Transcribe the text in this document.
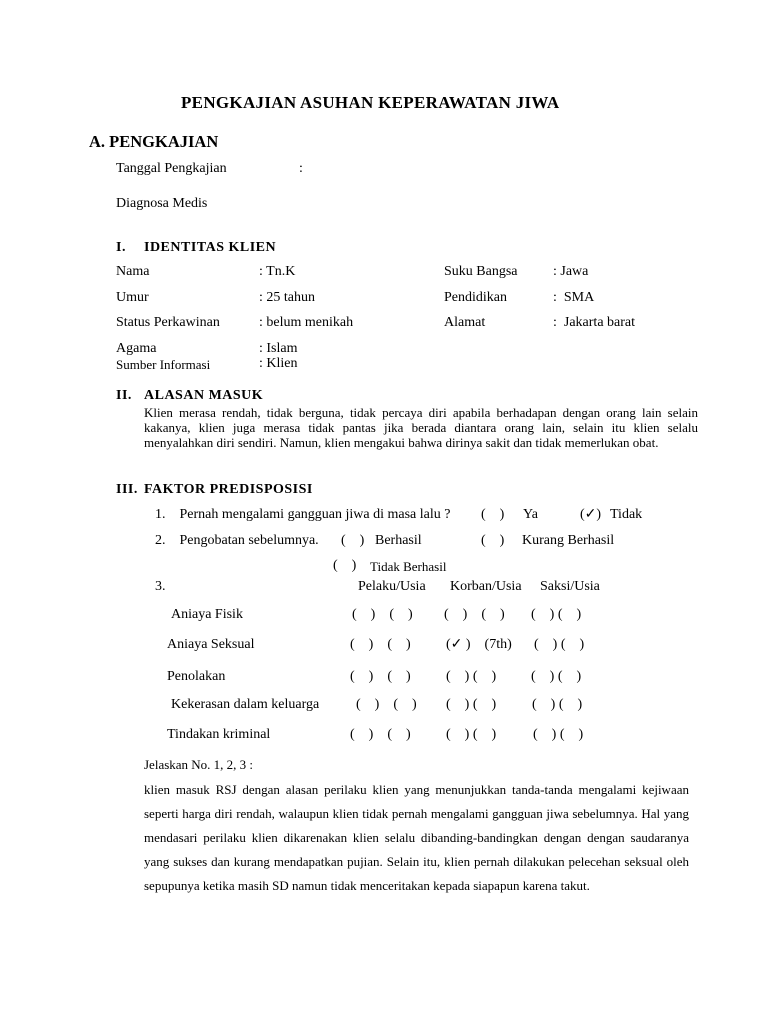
PENGKAJIAN ASUHAN KEPERAWATAN JIWA
A. PENGKAJIAN
Tanggal Pengkajian	:
Diagnosa Medis
I. IDENTITAS KLIEN
Nama	: Tn.K	Suku Bangsa	: Jawa
Umur	: 25 tahun	Pendidikan	:  SMA
Status Perkawinan	: belum menikah	Alamat	:  Jakarta barat
Agama	: Islam
Sumber Informasi	: Klien
II. ALASAN MASUK
Klien merasa rendah, tidak berguna, tidak percaya diri apabila berhadapan dengan orang lain selain kakanya, klien juga merasa tidak pantas jika berada diantara orang lain, selain itu klien selalu menyalahkan diri sendiri. Namun, klien mengakui bahwa dirinya sakit dan tidak memerlukan obat.
III. FAKTOR PREDISPOSISI
1.    Pernah mengalami gangguan jiwa di masa lalu ? (    ) Ya	(✓) Tidak
2.    Pengobatan sebelumnya. (    ) Berhasil	(    ) Kurang Berhasil
(    ) Tidak Berhasil
3.	Pelaku/Usia Korban/Usia Saksi/Usia
Aniaya Fisik	(    )    (    ) (    )    (    ) (    ) (    )
Aniaya Seksual	(    )    (    )	(✓ )    (7th) (    ) (    )
Penolakan	(    )    (    )	(    ) (    ) (    ) (    )
Kekerasan dalam keluarga	(    )    (    ) (    ) (    )	(    ) (    )
Tindakan kriminal	(    )    (    )	(    ) (    )	(    ) (    )
Jelaskan No. 1, 2, 3 :
klien masuk RSJ dengan alasan perilaku klien yang menunjukkan tanda-tanda mengalami kejiwaan seperti harga diri rendah, walaupun klien tidak pernah mengalami gangguan jiwa sebelumnya. Hal yang mendasari perilaku klien dikarenakan klien selalu dibanding-bandingkan dengan dengan saudaranya yang sukses dan kurang mendapatkan pujian. Selain itu, klien pernah dilakukan pelecehan seksual oleh sepupunya ketika masih SD namun tidak menceritakan kepada siapapun karena takut.
